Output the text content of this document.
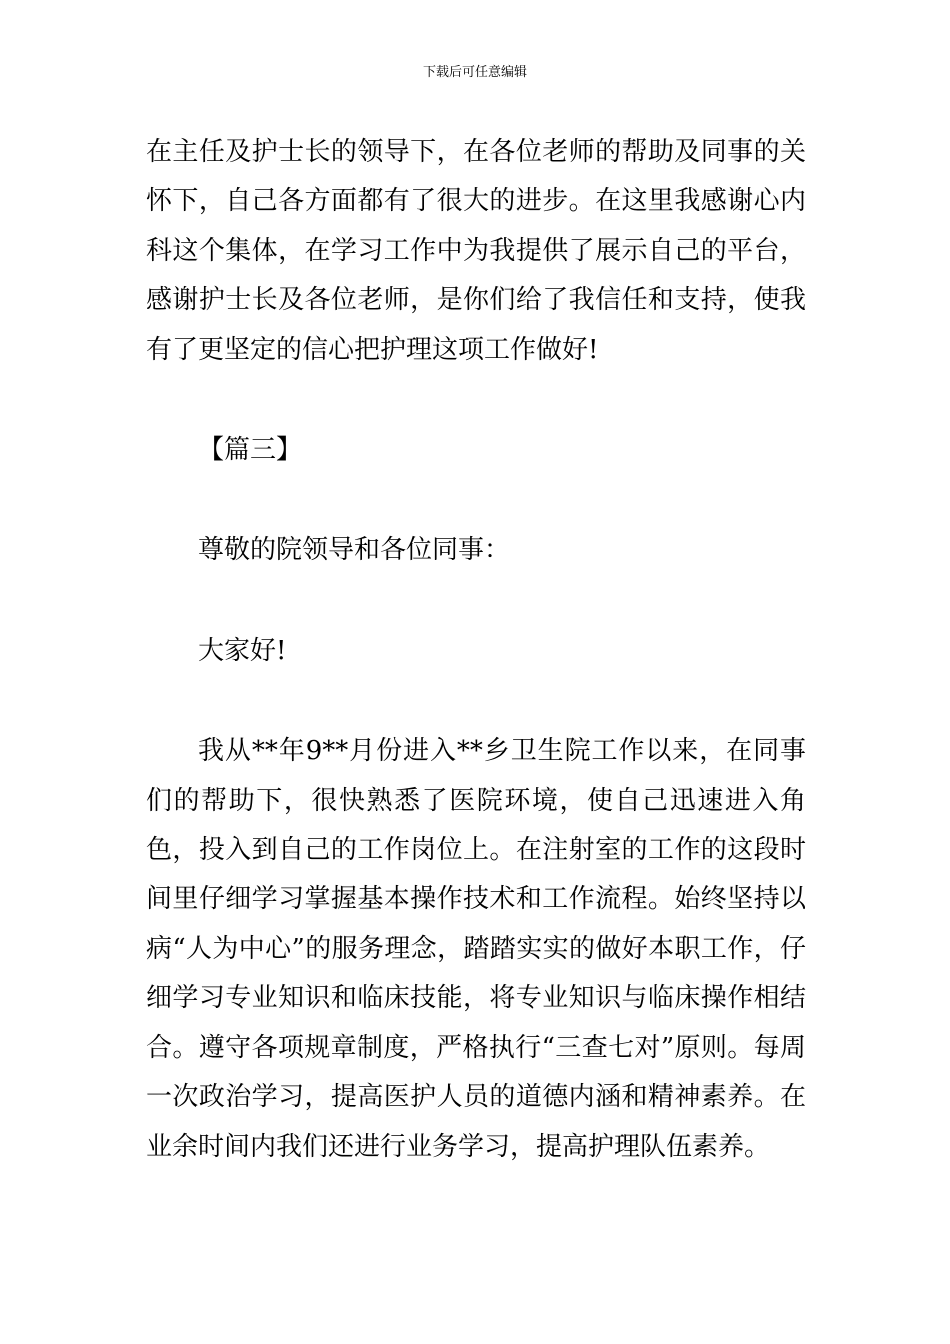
下载后可任意编辑

在主任及护士长的领导下，在各位老师的帮助及同事的关怀下，自己各方面都有了很大的进步。在这里我感谢心内科这个集体，在学习工作中为我提供了展示自己的平台，感谢护士长及各位老师，是你们给了我信任和支持，使我有了更坚定的信心把护理这项工作做好!

【篇三】

尊敬的院领导和各位同事：

大家好!

我从**年9**月份进入**乡卫生院工作以来，在同事们的帮助下，很快熟悉了医院环境，使自己迅速进入角色，投入到自己的工作岗位上。在注射室的工作的这段时间里仔细学习掌握基本操作技术和工作流程。始终坚持以病“人为中心”的服务理念，踏踏实实的做好本职工作，仔细学习专业知识和临床技能，将专业知识与临床操作相结合。遵守各项规章制度，严格执行“三查七对”原则。每周一次政治学习，提高医护人员的道德内涵和精神素养。在业余时间内我们还进行业务学习，提高护理队伍素养。
